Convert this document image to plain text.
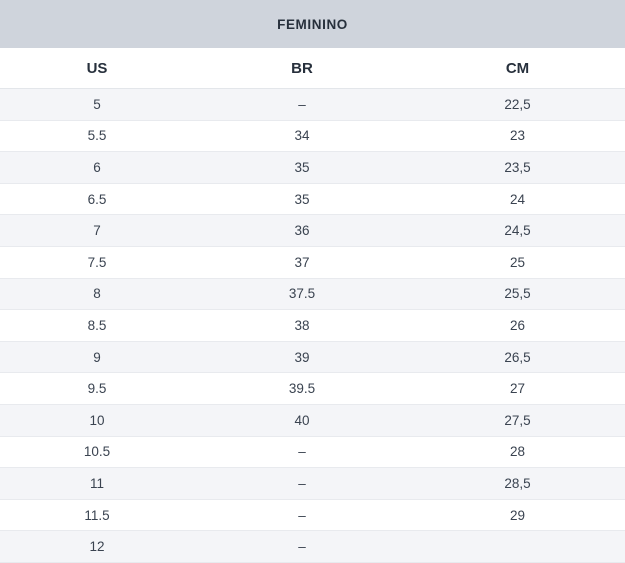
FEMININO		
US	BR	CM
5	–	22,5
5.5	34	23
6	35	23,5
6.5	35	24
7	36	24,5
7.5	37	25
8	37.5	25,5
8.5	38	26
9	39	26,5
9.5	39.5	27
10	40	27,5
10.5	–	28
11	–	28,5
11.5	–	29
12	–	
